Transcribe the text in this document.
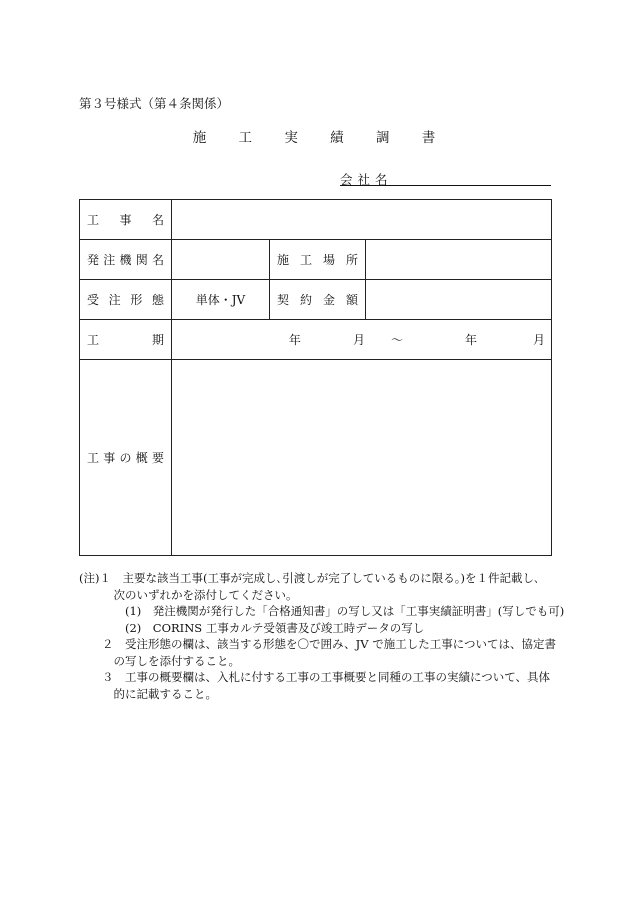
第３号様式（第４条関係）
施 工 実 績 調 書
会社名
工 事 名			

発 注 機 関 名		施 工 場 所	

受 注 形 態	単体・JV	契 約 金 額	

工 期	年 月 ～ 年 月		

工 事 の 概 要			

(注)１　主要な該当工事(工事が完成し､引渡しが完了しているものに限る｡)を１件記載し､
　　　次のいずれかを添付してください。
　　　　(1)　発注機関が発行した「合格通知書」の写し又は「工事実績証明書」(写しでも可)
　　　　(2)　CORINS 工事カルテ受領書及び竣工時データの写し
　　２　受注形態の欄は、該当する形態を〇で囲み、JV で施工した工事については、協定書
　　　の写しを添付すること。
　　３　工事の概要欄は、入札に付する工事の工事概要と同種の工事の実績について、具体
　　　的に記載すること。
